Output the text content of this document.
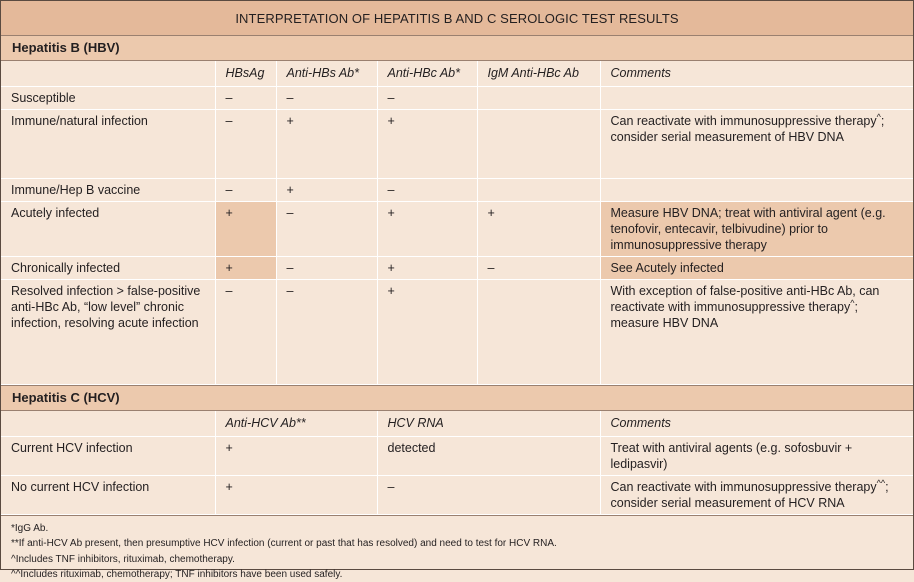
INTERPRETATION OF HEPATITIS B AND C SEROLOGIC TEST RESULTS
Hepatitis B (HBV)
	HBsAg	Anti-HBs Ab*	Anti-HBc Ab*	IgM Anti-HBc Ab	Comments
Susceptible	–	–	–		
Immune/natural infection	–	+	+		Can reactivate with immunosuppressive therapy^; consider serial measurement of HBV DNA
Immune/Hep B vaccine	–	+	–		
Acutely infected	+	–	+	+	Measure HBV DNA; treat with antiviral agent (e.g. tenofovir, entecavir, telbivudine) prior to immunosuppressive therapy
Chronically infected	+	–	+	–	See Acutely infected
Resolved infection > false-positive anti-HBc Ab, “low level” chronic infection, resolving acute infection	–	–	+		With exception of false-positive anti-HBc Ab, can reactivate with immunosuppressive therapy^; measure HBV DNA
Hepatitis C (HCV)
	Anti-HCV Ab**	HCV RNA	Comments
Current HCV infection	+	detected	Treat with antiviral agents (e.g. sofosbuvir + ledipasvir)
No current HCV infection	+	–	Can reactivate with immunosuppressive therapy^^; consider serial measurement of HCV RNA
*IgG Ab.
**If anti-HCV Ab present, then presumptive HCV infection (current or past that has resolved) and need to test for HCV RNA.
^Includes TNF inhibitors, rituximab, chemotherapy.
^^Includes rituximab, chemotherapy; TNF inhibitors have been used safely.
